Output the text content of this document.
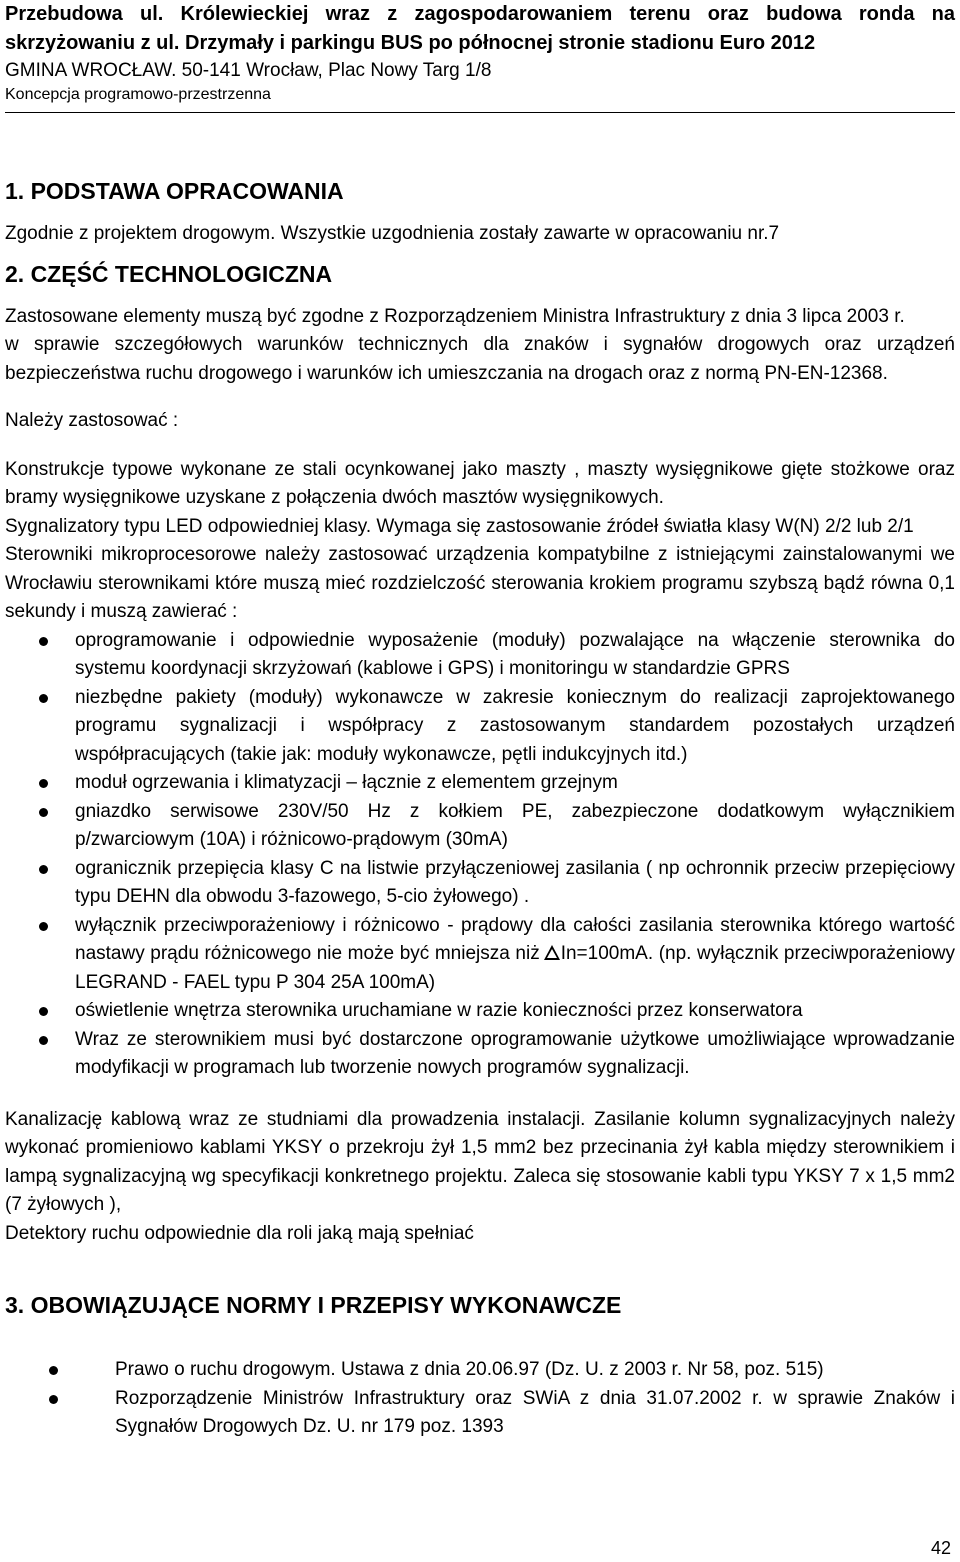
Przebudowa ul. Królewieckiej wraz z zagospodarowaniem terenu oraz budowa ronda na
skrzyżowaniu z ul. Drzymały i parkingu BUS po północnej stronie stadionu Euro 2012
GMINA WROCŁAW. 50-141 Wrocław, Plac Nowy Targ 1/8
Koncepcja programowo-przestrzenna
1. PODSTAWA OPRACOWANIA

Zgodnie z projektem drogowym. Wszystkie uzgodnienia zostały zawarte w opracowaniu nr.7

2. CZĘŚĆ TECHNOLOGICZNA

Zastosowane elementy muszą być zgodne z Rozporządzeniem Ministra Infrastruktury z dnia 3 lipca 2003 r.

w sprawie szczegółowych warunków technicznych dla znaków i sygnałów drogowych oraz urządzeń bezpieczeństwa ruchu drogowego i warunków ich umieszczania na drogach oraz z normą PN-EN-12368.

Należy zastosować :

Konstrukcje typowe wykonane ze stali ocynkowanej jako maszty , maszty wysięgnikowe gięte stożkowe oraz bramy wysięgnikowe uzyskane z połączenia dwóch masztów wysięgnikowych.

Sygnalizatory typu LED odpowiedniej klasy. Wymaga się zastosowanie źródeł światła klasy W(N) 2/2 lub 2/1

Sterowniki mikroprocesorowe należy zastosować urządzenia kompatybilne z istniejącymi zainstalowanymi we Wrocławiu sterownikami które muszą mieć rozdzielczość sterowania krokiem programu szybszą bądź równa 0,1 sekundy i muszą zawierać :

oprogramowanie i odpowiednie wyposażenie (moduły) pozwalające na włączenie sterownika do systemu koordynacji skrzyżowań (kablowe i GPS) i monitoringu w standardzie GPRS
niezbędne pakiety (moduły) wykonawcze w zakresie koniecznym do realizacji zaprojektowanego programu sygnalizacji i współpracy z zastosowanym standardem pozostałych urządzeń współpracujących (takie jak: moduły wykonawcze, pętli indukcyjnych itd.)
moduł ogrzewania i klimatyzacji – łącznie z elementem grzejnym
gniazdko serwisowe 230V/50 Hz z kołkiem PE, zabezpieczone dodatkowym wyłącznikiem p/zwarciowym (10A) i różnicowo-prądowym (30mA)
ogranicznik przepięcia klasy C na listwie przyłączeniowej zasilania ( np ochronnik przeciw przepięciowy typu DEHN dla obwodu 3-fazowego, 5-cio żyłowego) .
wyłącznik przeciwporażeniowy i różnicowo - prądowy dla całości zasilania sterownika którego wartość nastawy prądu różnicowego nie może być mniejsza niż In=100mA. (np. wyłącznik przeciwporażeniowy LEGRAND - FAEL typu P 304 25A 100mA)
oświetlenie wnętrza sterownika uruchamiane w razie konieczności przez konserwatora
Wraz ze sterownikiem musi być dostarczone oprogramowanie użytkowe umożliwiające wprowadzanie modyfikacji w programach lub tworzenie nowych programów sygnalizacji.

Kanalizację kablową wraz ze studniami dla prowadzenia instalacji. Zasilanie kolumn sygnalizacyjnych należy wykonać promieniowo kablami YKSY o przekroju żył 1,5 mm2 bez przecinania żył kabla między sterownikiem i lampą sygnalizacyjną wg specyfikacji konkretnego projektu. Zaleca się stosowanie kabli typu YKSY 7 x 1,5 mm2 (7 żyłowych ),

Detektory ruchu odpowiednie dla roli jaką mają spełniać

3. OBOWIĄZUJĄCE NORMY I PRZEPISY WYKONAWCZE
Prawo o ruchu drogowym. Ustawa z dnia 20.06.97 (Dz. U. z 2003 r. Nr 58, poz. 515)
Rozporządzenie Ministrów Infrastruktury oraz SWiA z dnia 31.07.2002 r. w sprawie Znaków i Sygnałów Drogowych Dz. U. nr 179 poz. 1393
42
